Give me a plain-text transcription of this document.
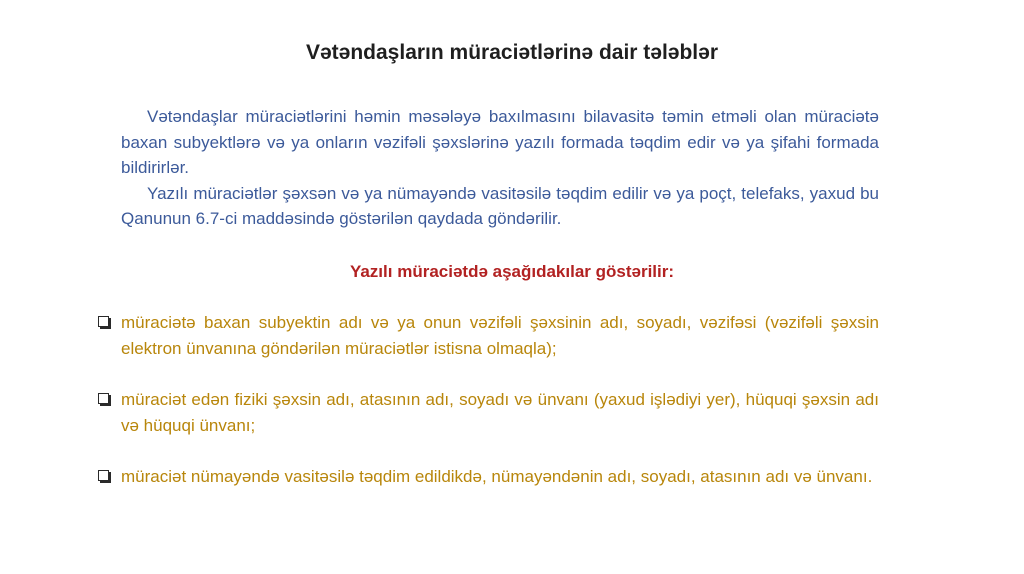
Vətəndaşların müraciətlərinə dair tələblər

Vətəndaşlar müraciətlərini həmin məsələyə baxılmasını bilavasitə təmin etməli olan müraciətə baxan subyektlərə və ya onların vəzifəli şəxslərinə yazılı formada təqdim edir və ya şifahi formada bildirirlər.

Yazılı müraciətlər şəxsən və ya nümayəndə vasitəsilə təqdim edilir və ya poçt, telefaks, yaxud bu Qanunun 6.7-ci maddəsində göstərilən qaydada göndərilir.

Yazılı müraciətdə aşağıdakılar göstərilir:
müraciətə baxan subyektin adı və ya onun vəzifəli şəxsinin adı, soyadı, vəzifəsi (vəzifəli şəxsin elektron ünvanına göndərilən müraciətlər istisna olmaqla);
müraciət edən fiziki şəxsin adı, atasının adı, soyadı və ünvanı (yaxud işlədiyi yer), hüquqi şəxsin adı və hüquqi ünvanı;
müraciət nümayəndə vasitəsilə təqdim edildikdə, nümayəndənin adı, soyadı, atasının adı və ünvanı.
